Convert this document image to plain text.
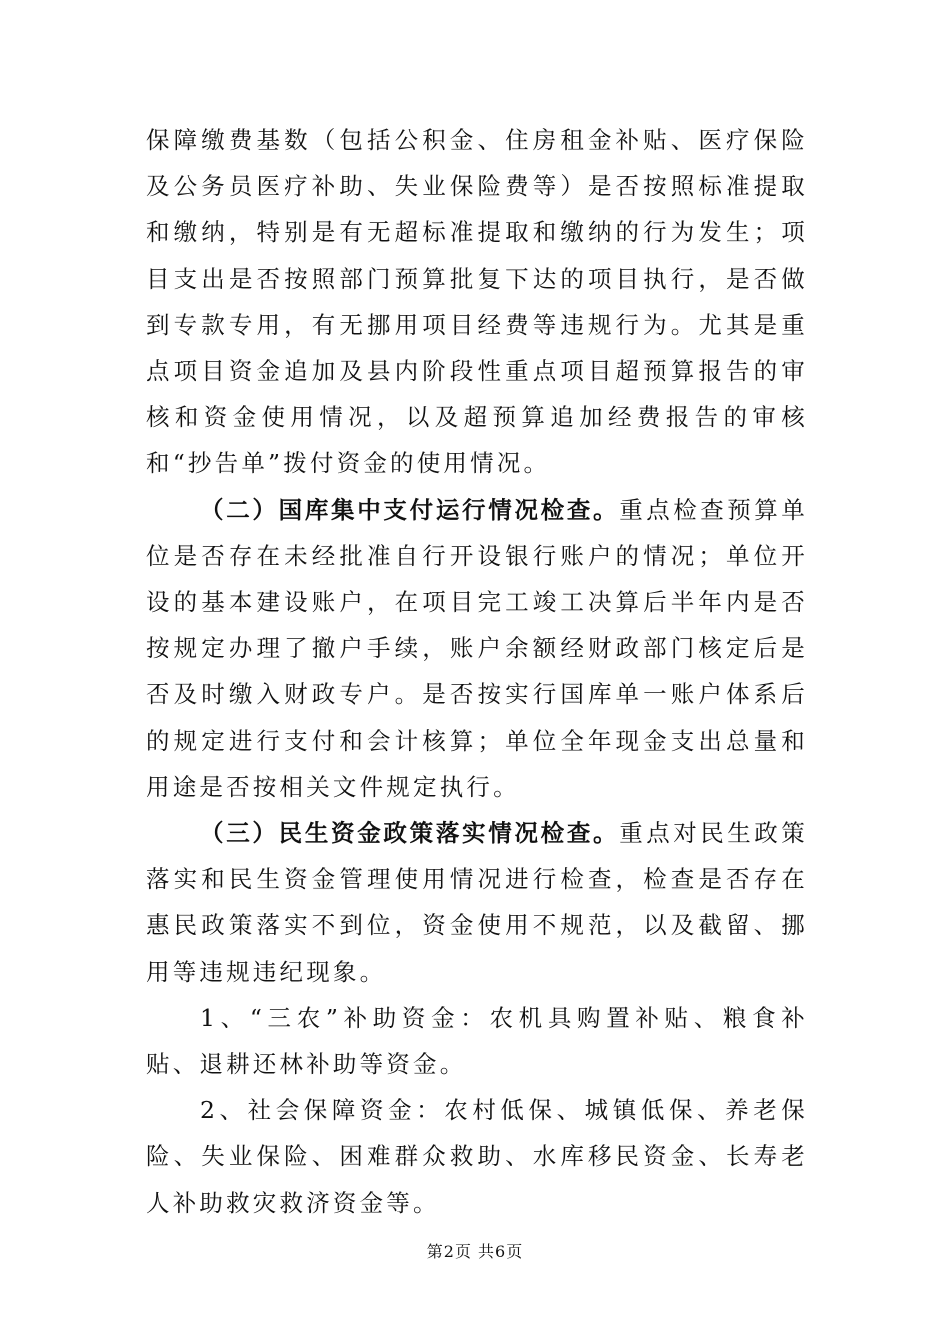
保障缴费基数（包括公积金、住房租金补贴、医疗保险及公务员医疗补助、失业保险费等）是否按照标准提取和缴纳，特别是有无超标准提取和缴纳的行为发生；项目支出是否按照部门预算批复下达的项目执行，是否做到专款专用，有无挪用项目经费等违规行为。尤其是重点项目资金追加及县内阶段性重点项目超预算报告的审核和资金使用情况，以及超预算追加经费报告的审核和“抄告单”拨付资金的使用情况。

（二）国库集中支付运行情况检查。重点检查预算单位是否存在未经批准自行开设银行账户的情况；单位开设的基本建设账户，在项目完工竣工决算后半年内是否按规定办理了撤户手续，账户余额经财政部门核定后是否及时缴入财政专户。是否按实行国库单一账户体系后的规定进行支付和会计核算；单位全年现金支出总量和用途是否按相关文件规定执行。

（三）民生资金政策落实情况检查。重点对民生政策落实和民生资金管理使用情况进行检查，检查是否存在惠民政策落实不到位，资金使用不规范，以及截留、挪用等违规违纪现象。

1、“三农”补助资金：农机具购置补贴、粮食补贴、退耕还林补助等资金。

2、社会保障资金：农村低保、城镇低保、养老保险、失业保险、困难群众救助、水库移民资金、长寿老人补助救灾救济资金等。

第2页 共6页
